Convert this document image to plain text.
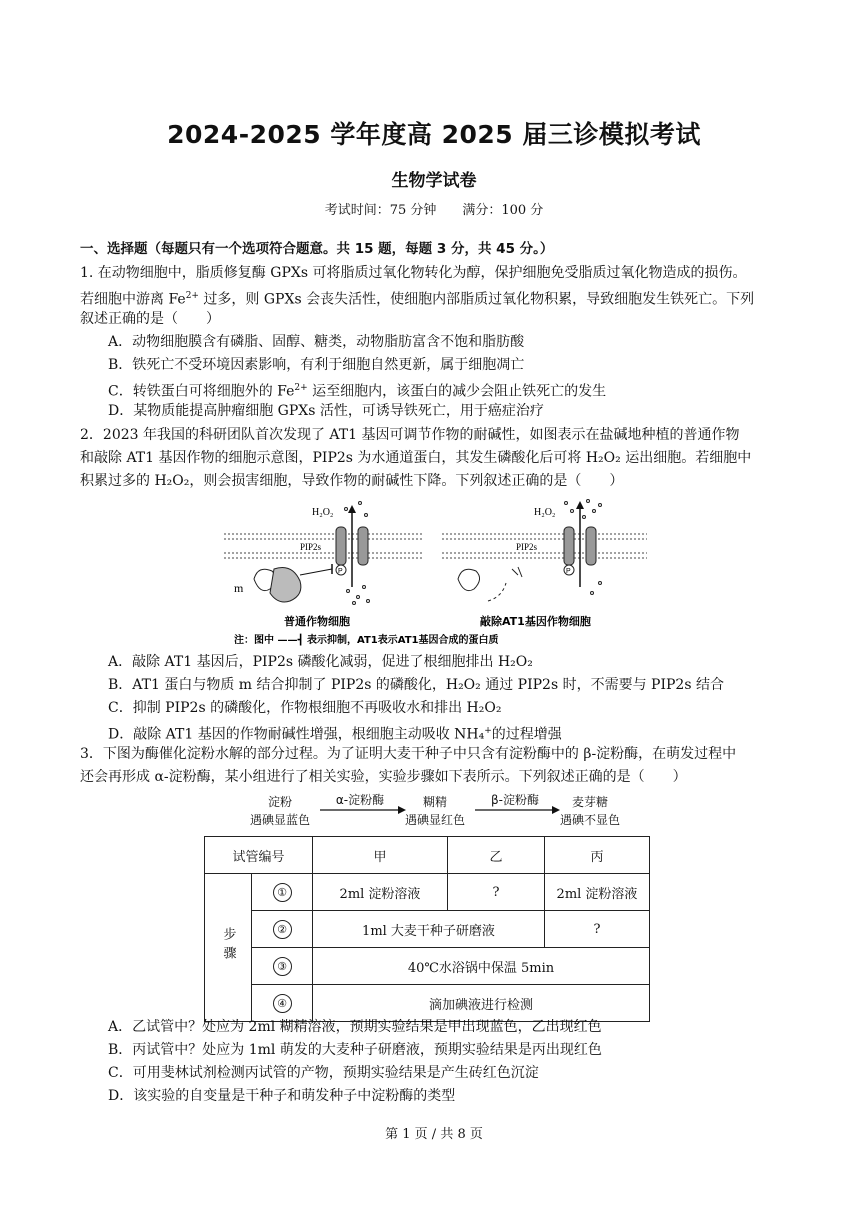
2024-2025 学年度高 2025 届三诊模拟考试
生物学试卷
考试时间：75 分钟　　满分：100 分
一、选择题（每题只有一个选项符合题意。共 15 题，每题 3 分，共 45 分。）
1. 在动物细胞中，脂质修复酶 GPXs 可将脂质过氧化物转化为醇，保护细胞免受脂质过氧化物造成的损伤。
若细胞中游离 $Fe^{2+}$ 过多，则 GPXs 会丧失活性，使细胞内部脂质过氧化物积累，导致细胞发生铁死亡。下列
叙述正确的是（　　）
A．动物细胞膜含有磷脂、固醇、糖类，动物脂肪富含不饱和脂肪酸
B．铁死亡不受环境因素影响，有利于细胞自然更新，属于细胞凋亡
C．转铁蛋白可将细胞外的 $Fe^{2+}$ 运至细胞内，该蛋白的减少会阻止铁死亡的发生
D．某物质能提高肿瘤细胞 GPXs 活性，可诱导铁死亡，用于癌症治疗
2．2023 年我国的科研团队首次发现了 AT1 基因可调节作物的耐碱性，如图表示在盐碱地种植的普通作物
和敲除 AT1 基因作物的细胞示意图，PIP2s 为水通道蛋白，其发生磷酸化后可将 H₂O₂ 运出细胞。若细胞中
积累过多的 H₂O₂，则会损害细胞，导致作物的耐碱性下降。下列叙述正确的是（　　）
H₂O₂
PIP2s
P
m
H₂O₂
PIP2s
P
普通作物细胞	敲除AT1基因作物细胞
注：图中 ——┫ 表示抑制，AT1表示AT1基因合成的蛋白质
A．敲除 AT1 基因后，PIP2s 磷酸化减弱，促进了根细胞排出 H₂O₂
B．AT1 蛋白与物质 m 结合抑制了 PIP2s 的磷酸化，H₂O₂ 通过 PIP2s 时，不需要与 PIP2s 结合
C．抑制 PIP2s 的磷酸化，作物根细胞不再吸收水和排出 H₂O₂
D．敲除 AT1 基因的作物耐碱性增强，根细胞主动吸收 NH₄+的过程增强
3．下图为酶催化淀粉水解的部分过程。为了证明大麦干种子中只含有淀粉酶中的 β-淀粉酶，在萌发过程中
还会再形成 α-淀粉酶，某小组进行了相关实验，实验步骤如下表所示。下列叙述正确的是（　　）
淀粉
遇碘显蓝色
α-淀粉酶	糊精
遇碘显红色
β-淀粉酶	麦芽糖
遇碘不显色
试管编号		甲	乙	丙
步骤	①	2ml 淀粉溶液	?	2ml 淀粉溶液
	②	1ml 大麦干种子研磨液		?
	③	40℃水浴锅中保温 5min		
	④	滴加碘液进行检测		
A．乙试管中？处应为 2ml 糊精溶液，预期实验结果是甲出现蓝色，乙出现红色
B．丙试管中？处应为 1ml 萌发的大麦种子研磨液，预期实验结果是丙出现红色
C．可用斐林试剂检测丙试管的产物，预期实验结果是产生砖红色沉淀
D．该实验的自变量是干种子和萌发种子中淀粉酶的类型
第 1 页 / 共 8 页
